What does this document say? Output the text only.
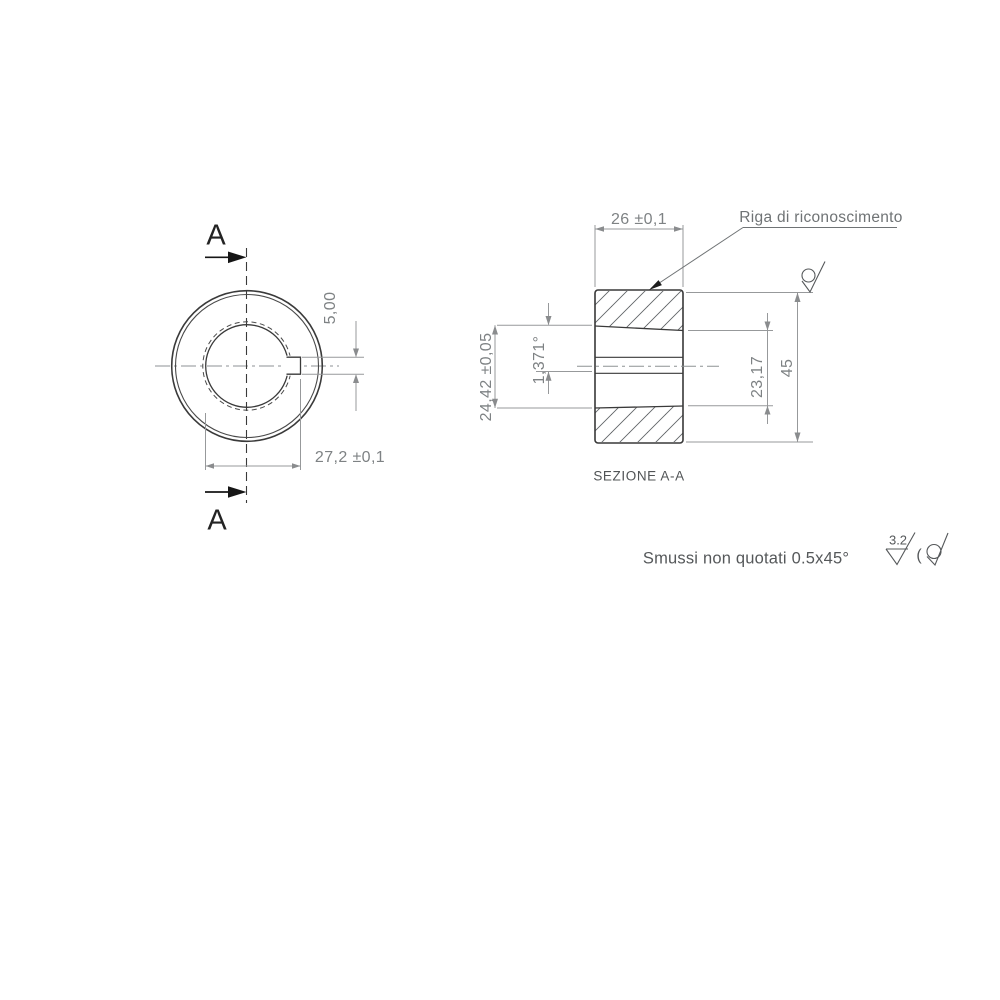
A
A
5,00
27,2 ±0,1
26 ±0,1	Riga di riconoscimento
24,42 ±0,05 1,371°	23,17 45
SEZIONE A-A
Smussi non quotati 0.5x45°
3.2
(
